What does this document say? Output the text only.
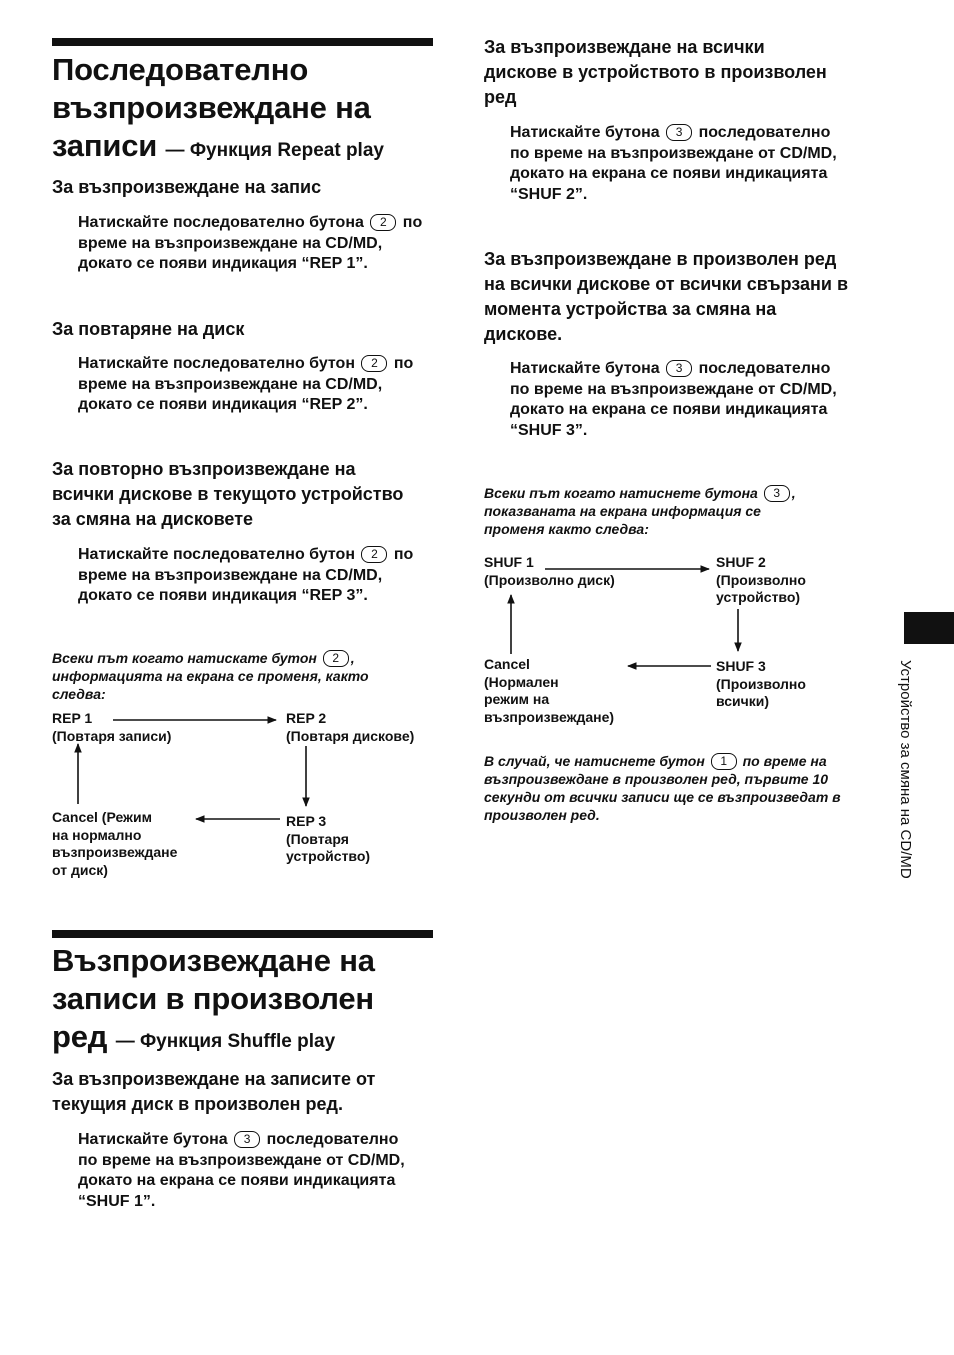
Последователно
възпроизвеждане на
записи — Функция Repeat play
За възпроизвеждане на запис
Натискайте последователно бутона 2 по време на възпроизвеждане на CD/MD, докато се появи индикация “REP 1”.
За повтаряне на диск
Натискайте последователно бутон 2 по време на възпроизвеждане на CD/MD, докато се появи индикация “REP 2”.
За повторно възпроизвеждане на всички дискове в текущото устройство за смяна на дисковете
Натискайте последователно бутон 2 по време на възпроизвеждане на CD/MD, докато се появи индикация “REP 3”.
Всеки път когато натискате бутон 2 , информацията на екрана се променя, както следва:
REP 1
(Повтаря записи)
REP 2
(Повтаря дискове)
REP 3
(Повтаря
устройство)
Cancel (Режим
на нормално
възпроизвеждане
от диск)
Възпроизвеждане на
записи в произволен
ред — Функция Shuffle play
За възпроизвеждане на записите от текущия диск в произволен ред.
Натискайте бутона 3 последователно по време на възпроизвеждане от CD/MD, докато на екрана се появи индикацията “SHUF 1”.
За възпроизвеждане на всички дискове в устройството в произволен ред
Натискайте бутона 3 последователно по време на възпроизвеждане от CD/MD, докато на екрана се появи индикацията “SHUF 2”.
За възпроизвеждане в произволен ред на всички дискове от всички свързани в момента устройства за смяна на дискове.
Натискайте бутона 3 последователно по време на възпроизвеждане от CD/MD, докато на екрана се появи индикацията “SHUF 3”.
Всеки път когато натиснете бутона 3 , показваната на екрана информация се променя както следва:
SHUF 1
(Произволно диск)
SHUF 2
(Произволно
устройство)
SHUF 3
(Произволно
всички)
Cancel
(Нормален
режим на
възпроизвеждане)
В случай, че натиснете бутон 1 по време на възпроизвеждане в произволен ред, първите 10 секунди от всички записи ще се възпроизведат в произволен ред.	Устройство за смяна на CD/MD
